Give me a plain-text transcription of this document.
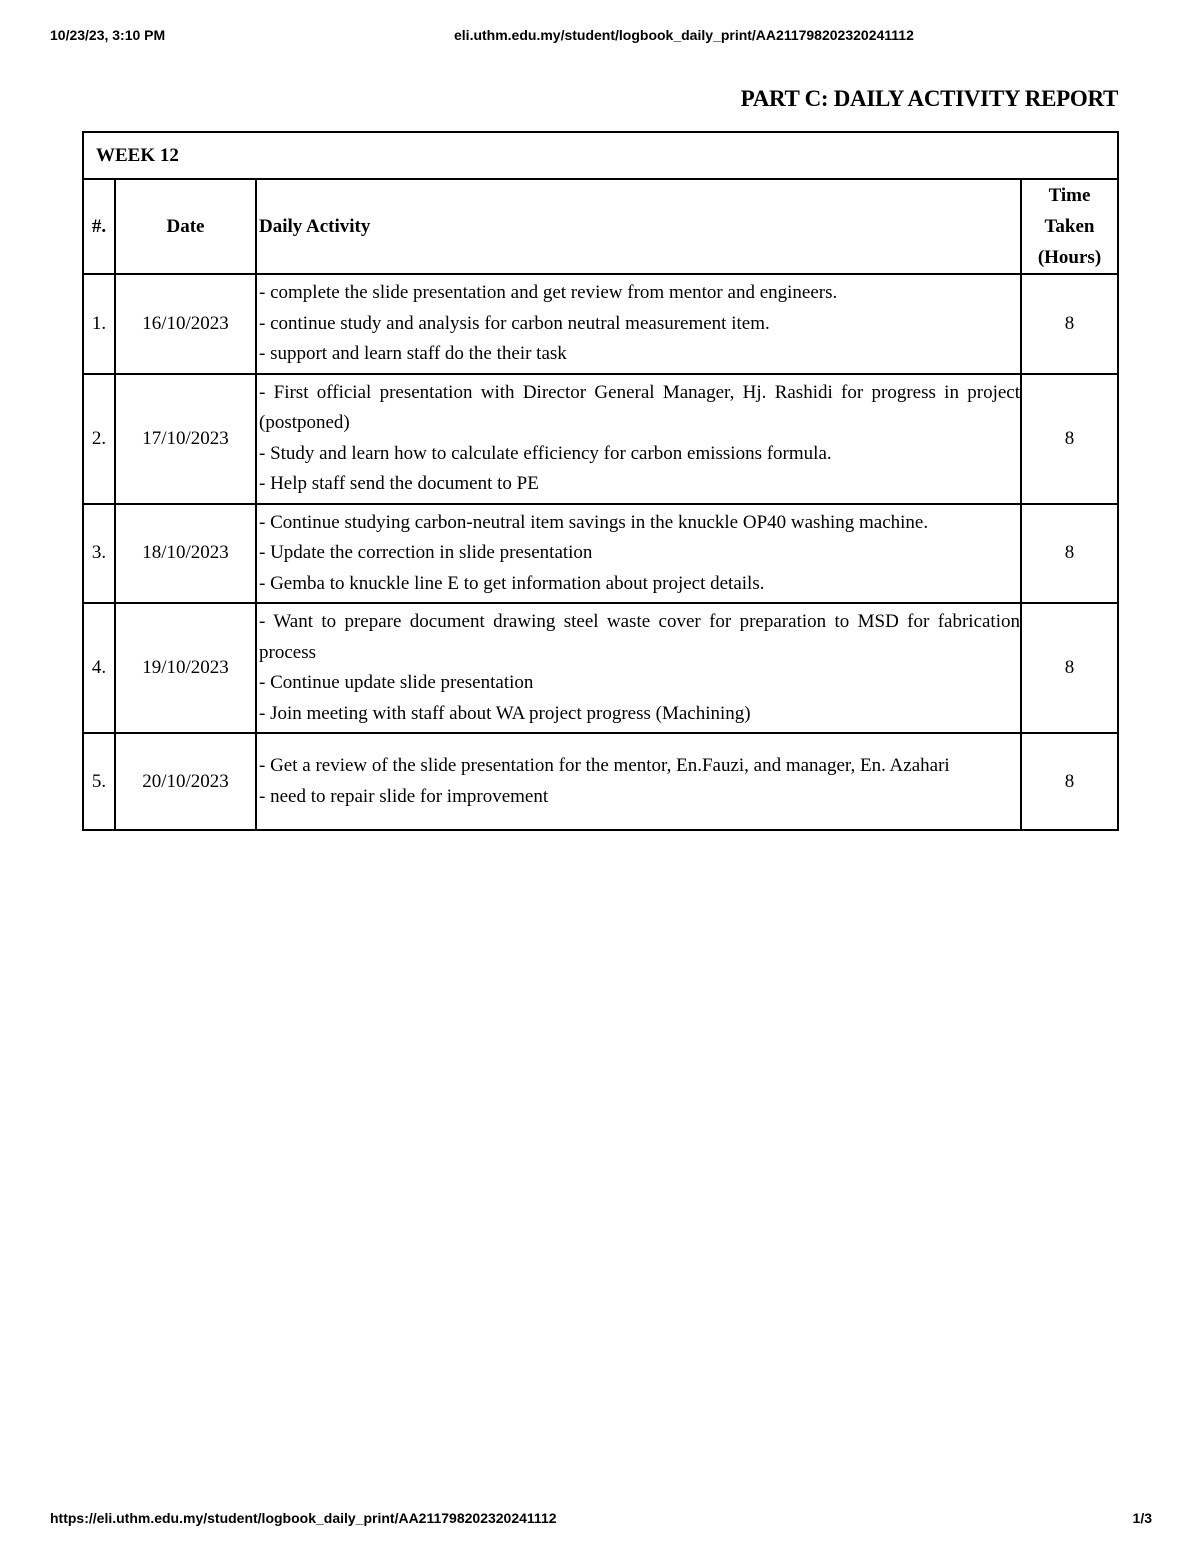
10/23/23, 3:10 PM	eli.uthm.edu.my/student/logbook_daily_print/AA211798202320241112
PART C: DAILY ACTIVITY REPORT
WEEK 12			
#.	Date	Daily Activity	Time
Taken
(Hours)
1.	16/10/2023	- complete the slide presentation and get review from mentor and engineers.
- continue study and analysis for carbon neutral measurement item.
- support and learn staff do the their task	8
2.	17/10/2023	- First official presentation with Director General Manager, Hj. Rashidi for progress in project (postponed)
- Study and learn how to calculate efficiency for carbon emissions formula.
- Help staff send the document to PE	8
3.	18/10/2023	- Continue studying carbon-neutral item savings in the knuckle OP40 washing machine.
- Update the correction in slide presentation
- Gemba to knuckle line E to get information about project details.	8
4.	19/10/2023	- Want to prepare document drawing steel waste cover for preparation to MSD for fabrication process
- Continue update slide presentation
- Join meeting with staff about WA project progress (Machining)	8
5.	20/10/2023	- Get a review of the slide presentation for the mentor, En.Fauzi, and manager, En. Azahari
- need to repair slide for improvement	8
https://eli.uthm.edu.my/student/logbook_daily_print/AA211798202320241112	1/3
